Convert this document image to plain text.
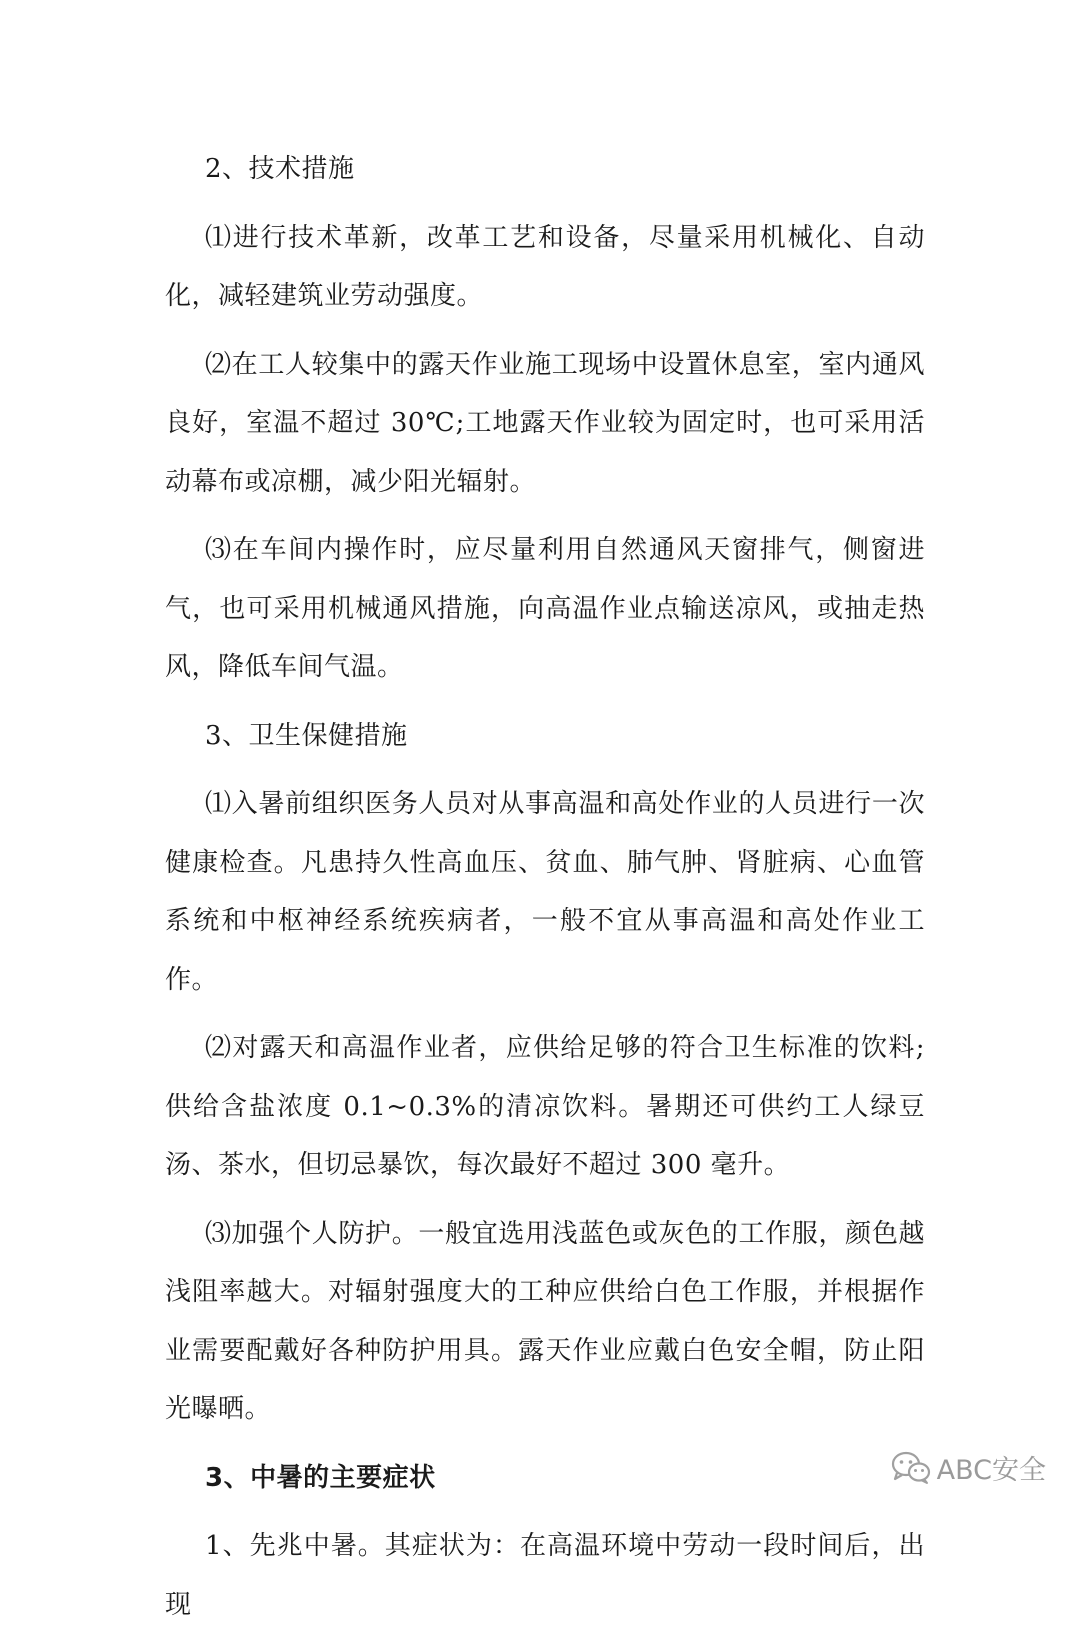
2、技术措施

⑴进行技术革新，改革工艺和设备，尽量采用机械化、自动化，减轻建筑业劳动强度。

⑵在工人较集中的露天作业施工现场中设置休息室，室内通风良好，室温不超过 30℃;工地露天作业较为固定时，也可采用活动幕布或凉棚，减少阳光辐射。

⑶在车间内操作时，应尽量利用自然通风天窗排气，侧窗进气，也可采用机械通风措施，向高温作业点输送凉风，或抽走热风，降低车间气温。

3、卫生保健措施

⑴入暑前组织医务人员对从事高温和高处作业的人员进行一次健康检查。凡患持久性高血压、贫血、肺气肿、肾脏病、心血管系统和中枢神经系统疾病者，一般不宜从事高温和高处作业工作。

⑵对露天和高温作业者，应供给足够的符合卫生标准的饮料;供给含盐浓度 0.1~0.3%的清凉饮料。暑期还可供约工人绿豆汤、茶水，但切忌暴饮，每次最好不超过 300 毫升。

⑶加强个人防护。一般宜选用浅蓝色或灰色的工作服，颜色越浅阻率越大。对辐射强度大的工种应供给白色工作服，并根据作业需要配戴好各种防护用具。露天作业应戴白色安全帽，防止阳光曝晒。

3、中暑的主要症状

1、先兆中暑。其症状为：在高温环境中劳动一段时间后，出现

ABC安全
